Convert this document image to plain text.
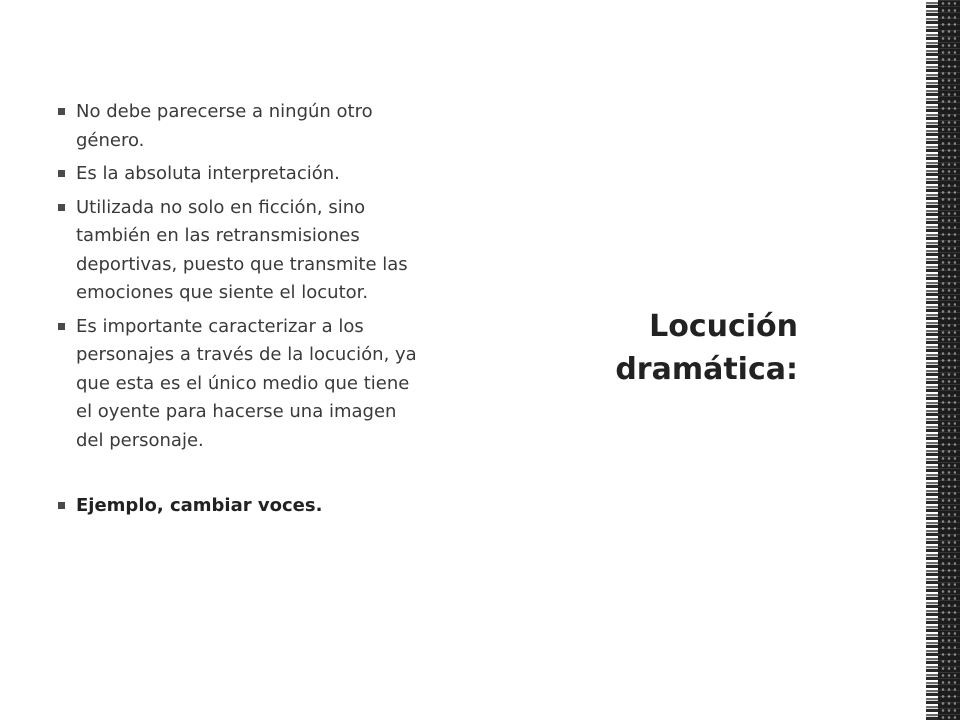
No debe parecerse a ningún otro género.
Es la absoluta interpretación.
Utilizada no solo en ficción, sino también en las retransmisiones deportivas, puesto que transmite las emociones que siente el locutor.
Es importante caracterizar a los personajes a través de la locución, ya que esta es el único medio que tiene el oyente para hacerse una imagen del personaje.
Ejemplo, cambiar voces.
Locución
dramática:
